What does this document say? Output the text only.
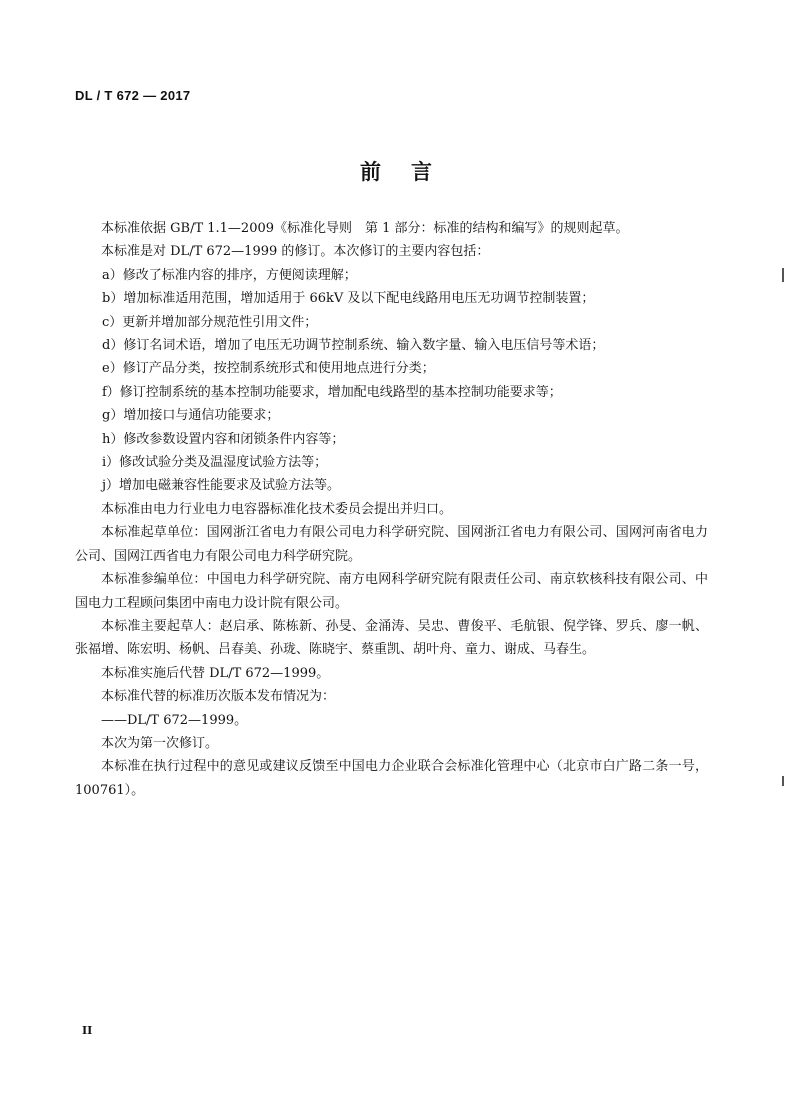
DL / T 672 — 2017
前言

本标准依据 GB/T 1.1—2009《标准化导则　第 1 部分：标准的结构和编写》的规则起草。

本标准是对 DL/T 672—1999 的修订。本次修订的主要内容包括：

a）修改了标准内容的排序，方便阅读理解；

b）增加标准适用范围，增加适用于 66kV 及以下配电线路用电压无功调节控制装置；

c）更新并增加部分规范性引用文件；

d）修订名词术语，增加了电压无功调节控制系统、输入数字量、输入电压信号等术语；

e）修订产品分类，按控制系统形式和使用地点进行分类；

f）修订控制系统的基本控制功能要求，增加配电线路型的基本控制功能要求等；

g）增加接口与通信功能要求；

h）修改参数设置内容和闭锁条件内容等；

i）修改试验分类及温湿度试验方法等；

j）增加电磁兼容性能要求及试验方法等。

本标准由电力行业电力电容器标准化技术委员会提出并归口。

本标准起草单位：国网浙江省电力有限公司电力科学研究院、国网浙江省电力有限公司、国网河南省电力公司、国网江西省电力有限公司电力科学研究院。

本标准参编单位：中国电力科学研究院、南方电网科学研究院有限责任公司、南京软核科技有限公司、中国电力工程顾问集团中南电力设计院有限公司。

本标准主要起草人：赵启承、陈栋新、孙旻、金涌涛、吴忠、曹俊平、毛航银、倪学锋、罗兵、廖一帆、张福增、陈宏明、杨帆、吕春美、孙珑、陈晓宇、蔡重凯、胡叶舟、童力、谢成、马春生。

本标准实施后代替 DL/T 672—1999。

本标准代替的标准历次版本发布情况为：

——DL/T 672—1999。

本次为第一次修订。

本标准在执行过程中的意见或建议反馈至中国电力企业联合会标准化管理中心（北京市白广路二条一号，100761）。

II
